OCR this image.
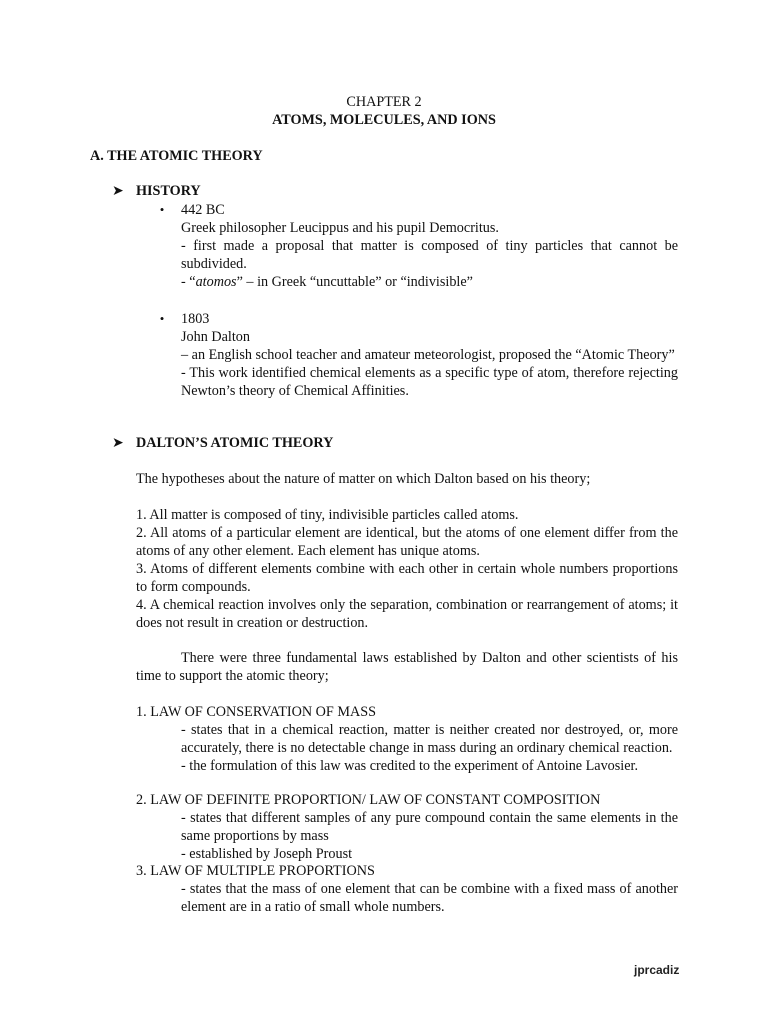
CHAPTER 2
ATOMS, MOLECULES, AND IONS
A. THE ATOMIC THEORY
➤ HISTORY
• 442 BC
Greek philosopher Leucippus and his pupil Democritus.
- first made a proposal that matter is composed of tiny particles that cannot be subdivided.
- “atomos” – in Greek “uncuttable” or “indivisible”
• 1803
John Dalton
– an English school teacher and amateur meteorologist, proposed the “Atomic Theory”
- This work identified chemical elements as a specific type of atom, therefore rejecting Newton’s theory of Chemical Affinities.
➤ DALTON’S ATOMIC THEORY
The hypotheses about the nature of matter on which Dalton based on his theory;
1. All matter is composed of tiny, indivisible particles called atoms.
2. All atoms of a particular element are identical, but the atoms of one element differ from the atoms of any other element. Each element has unique atoms.
3. Atoms of different elements combine with each other in certain whole numbers proportions to form compounds.
4. A chemical reaction involves only the separation, combination or rearrangement of atoms; it does not result in creation or destruction.
There were three fundamental laws established by Dalton and other scientists of his time to support the atomic theory;
1. LAW OF CONSERVATION OF MASS
- states that in a chemical reaction, matter is neither created nor destroyed, or, more accurately, there is no detectable change in mass during an ordinary chemical reaction.
- the formulation of this law was credited to the experiment of Antoine Lavosier.
2. LAW OF DEFINITE PROPORTION/ LAW OF CONSTANT COMPOSITION
- states that different samples of any pure compound contain the same elements in the same proportions by mass
- established by Joseph Proust
3. LAW OF MULTIPLE PROPORTIONS
- states that the mass of one element that can be combine with a fixed mass of another element are in a ratio of small whole numbers.
jprcadiz
